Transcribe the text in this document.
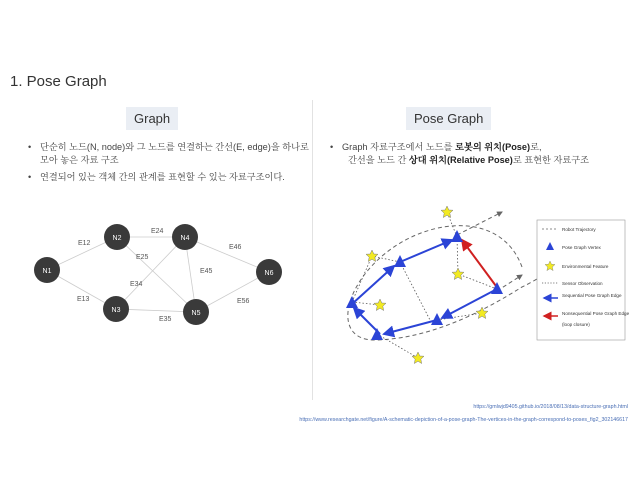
1. Pose Graph
Graph	Pose Graph
• 단순히 노드(N, node)와 그 노드를 연결하는 간선(E, edge)을 하나로 모아 놓은 자료 구조
• 연결되어 있는 객체 간의 관계를 표현할 수 있는 자료구조이다.
• Graph 자료구조에서 노드를 로봇의 위치(Pose)로,
간선을 노드 간 상대 위치(Relative Pose)로 표현한 자료구조
E12
E13
E24
E25
E34
E35
E45
E46
E56
N1
N2
N3
N4
N5
N6
Robot Trajectory
Pose Graph Vertex
Environmental Feature
Sensor Observation
Sequential Pose Graph Edge
Nonsequential Pose Graph Edge
(loop closure)
https://gmlwjd9405.github.io/2018/08/13/data-structure-graph.html
https://www.researchgate.net/figure/A-schematic-depiction-of-a-pose-graph-The-vertices-in-the-graph-correspond-to-poses_fig2_302146617
